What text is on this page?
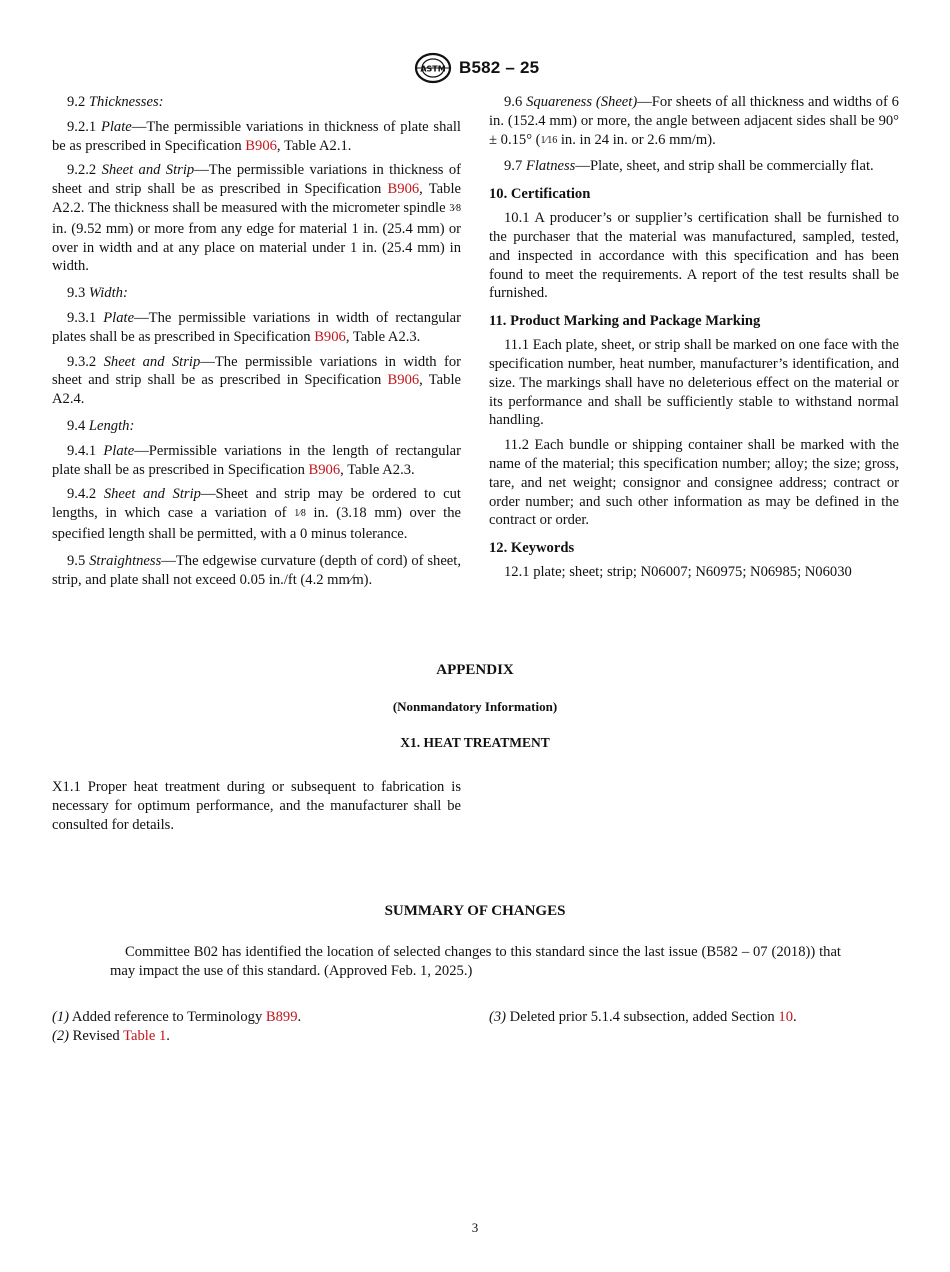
ASTM B582 – 25

9.2 Thicknesses:

9.2.1 Plate—The permissible variations in thickness of plate shall be as prescribed in Specification B906, Table A2.1.

9.2.2 Sheet and Strip—The permissible variations in thickness of sheet and strip shall be as prescribed in Specification B906, Table A2.2. The thickness shall be measured with the micrometer spindle 3⁄8 in. (9.52 mm) or more from any edge for material 1 in. (25.4 mm) or over in width and at any place on material under 1 in. (25.4 mm) in width.

9.3 Width:

9.3.1 Plate—The permissible variations in width of rectangular plates shall be as prescribed in Specification B906, Table A2.3.

9.3.2 Sheet and Strip—The permissible variations in width for sheet and strip shall be as prescribed in Specification B906, Table A2.4.

9.4 Length:

9.4.1 Plate—Permissible variations in the length of rectangular plate shall be as prescribed in Specification B906, Table A2.3.

9.4.2 Sheet and Strip—Sheet and strip may be ordered to cut lengths, in which case a variation of 1⁄8 in. (3.18 mm) over the specified length shall be permitted, with a 0 minus tolerance.

9.5 Straightness—The edgewise curvature (depth of cord) of sheet, strip, and plate shall not exceed 0.05 in./ft (4.2 mm⁄m).

9.6 Squareness (Sheet)—For sheets of all thickness and widths of 6 in. (152.4 mm) or more, the angle between adjacent sides shall be 90° ± 0.15° (1⁄16 in. in 24 in. or 2.6 mm/m).

9.7 Flatness—Plate, sheet, and strip shall be commercially flat.

10. Certification

10.1 A producer’s or supplier’s certification shall be furnished to the purchaser that the material was manufactured, sampled, tested, and inspected in accordance with this specification and has been found to meet the requirements. A report of the test results shall be furnished.

11. Product Marking and Package Marking

11.1 Each plate, sheet, or strip shall be marked on one face with the specification number, heat number, manufacturer’s identification, and size. The markings shall have no deleterious effect on the material or its performance and shall be sufficiently stable to withstand normal handling.

11.2 Each bundle or shipping container shall be marked with the name of the material; this specification number; alloy; the size; gross, tare, and net weight; consignor and consignee address; contract or order number; and such other information as may be defined in the contract or order.

12. Keywords

12.1 plate; sheet; strip; N06007; N60975; N06985; N06030

APPENDIX
(Nonmandatory Information)
X1. HEAT TREATMENT

X1.1 Proper heat treatment during or subsequent to fabrication is necessary for optimum performance, and the manufacturer shall be consulted for details.

SUMMARY OF CHANGES
Committee B02 has identified the location of selected changes to this standard since the last issue (B582 – 07 (2018)) that may impact the use of this standard. (Approved Feb. 1, 2025.)
(1) Added reference to Terminology B899.
(2) Revised Table 1.
(3) Deleted prior 5.1.4 subsection, added Section 10.
3
